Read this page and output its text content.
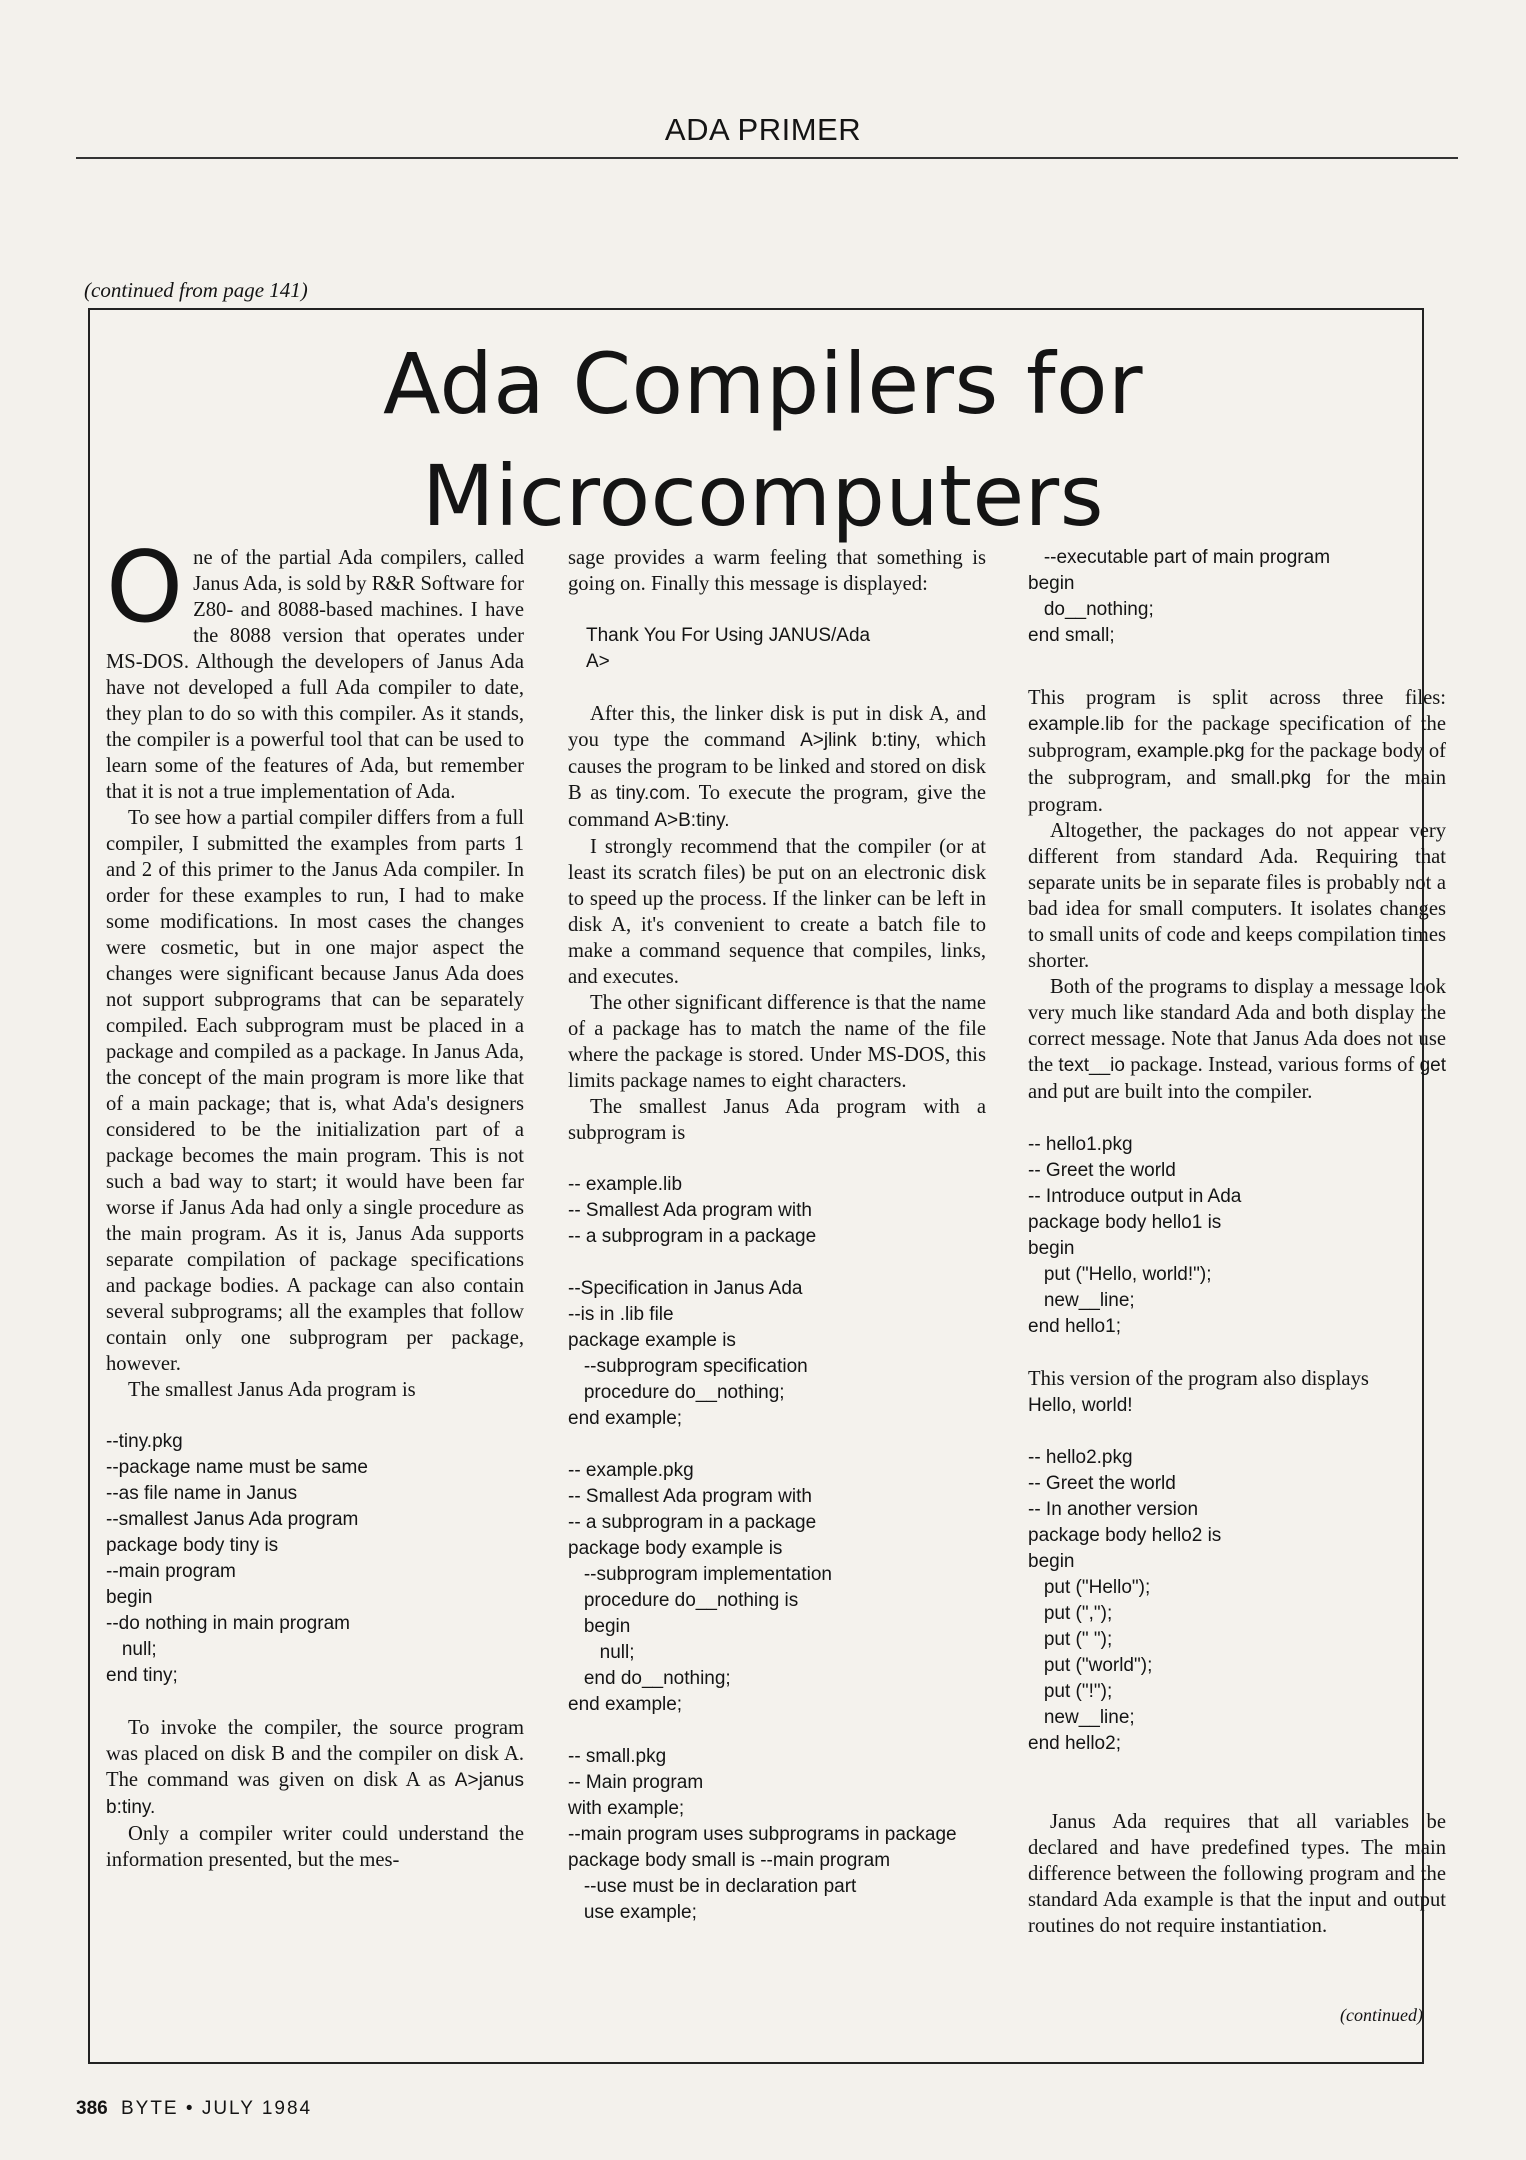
ADA PRIMER
(continued from page 141)
Ada Compilers for
Microcomputers

One of the partial Ada compilers, called Janus Ada, is sold by R&R Software for Z80- and 8088-based machines. I have the 8088 version that operates under MS-DOS. Although the developers of Janus Ada have not developed a full Ada compiler to date, they plan to do so with this compiler. As it stands, the compiler is a powerful tool that can be used to learn some of the features of Ada, but remember that it is not a true implementation of Ada.

To see how a partial compiler differs from a full compiler, I submitted the examples from parts 1 and 2 of this primer to the Janus Ada compiler. In order for these examples to run, I had to make some modifications. In most cases the changes were cosmetic, but in one major aspect the changes were significant because Janus Ada does not support subprograms that can be separately compiled. Each subprogram must be placed in a package and compiled as a package. In Janus Ada, the concept of the main program is more like that of a main package; that is, what Ada's designers considered to be the initialization part of a package becomes the main program. This is not such a bad way to start; it would have been far worse if Janus Ada had only a single procedure as the main program. As it is, Janus Ada supports separate compilation of package specifications and package bodies. A package can also contain several subprograms; all the examples that follow contain only one subprogram per package, however.

The smallest Janus Ada program is

--tiny.pkg
--package name must be same
--as file name in Janus
--smallest Janus Ada program
package body tiny is
--main program
begin
--do nothing in main program
null;
end tiny;

To invoke the compiler, the source program was placed on disk B and the compiler on disk A. The command was given on disk A as A>janus b:tiny.

Only a compiler writer could understand the information presented, but the mes-

sage provides a warm feeling that something is going on. Finally this message is displayed:

Thank You For Using JANUS/Ada
A>

After this, the linker disk is put in disk A, and you type the command A>jlink b:tiny, which causes the program to be linked and stored on disk B as tiny.com. To execute the program, give the command A>B:tiny.

I strongly recommend that the compiler (or at least its scratch files) be put on an electronic disk to speed up the process. If the linker can be left in disk A, it's convenient to create a batch file to make a command sequence that compiles, links, and executes.

The other significant difference is that the name of a package has to match the name of the file where the package is stored. Under MS-DOS, this limits package names to eight characters.

The smallest Janus Ada program with a subprogram is

-- example.lib
-- Smallest Ada program with
-- a subprogram in a package
--Specification in Janus Ada
--is in .lib file
package example is
--subprogram specification
procedure do__nothing;
end example;
-- example.pkg
-- Smallest Ada program with
-- a subprogram in a package
package body example is
--subprogram implementation
procedure do__nothing is
begin
null;
end do__nothing;
end example;
-- small.pkg
-- Main program
with example;
--main program uses subprograms in package
package body small is --main program
--use must be in declaration part
use example;
--executable part of main program
begin
do__nothing;
end small;

This program is split across three files: example.lib for the package specification of the subprogram, example.pkg for the package body of the subprogram, and small.pkg for the main program.

Altogether, the packages do not appear very different from standard Ada. Requiring that separate units be in separate files is probably not a bad idea for small computers. It isolates changes to small units of code and keeps compilation times shorter.

Both of the programs to display a message look very much like standard Ada and both display the correct message. Note that Janus Ada does not use the text__io package. Instead, various forms of get and put are built into the compiler.

-- hello1.pkg
-- Greet the world
-- Introduce output in Ada
package body hello1 is
begin
put ("Hello, world!");
new__line;
end hello1;

This version of the program also displays
Hello, world!

-- hello2.pkg
-- Greet the world
-- In another version
package body hello2 is
begin
put ("Hello");
put (",");
put (" ");
put ("world");
put ("!");
new__line;
end hello2;

Janus Ada requires that all variables be declared and have predefined types. The main difference between the following program and the standard Ada example is that the input and output routines do not require instantiation.

(continued)
386 BYTE • JULY 1984
